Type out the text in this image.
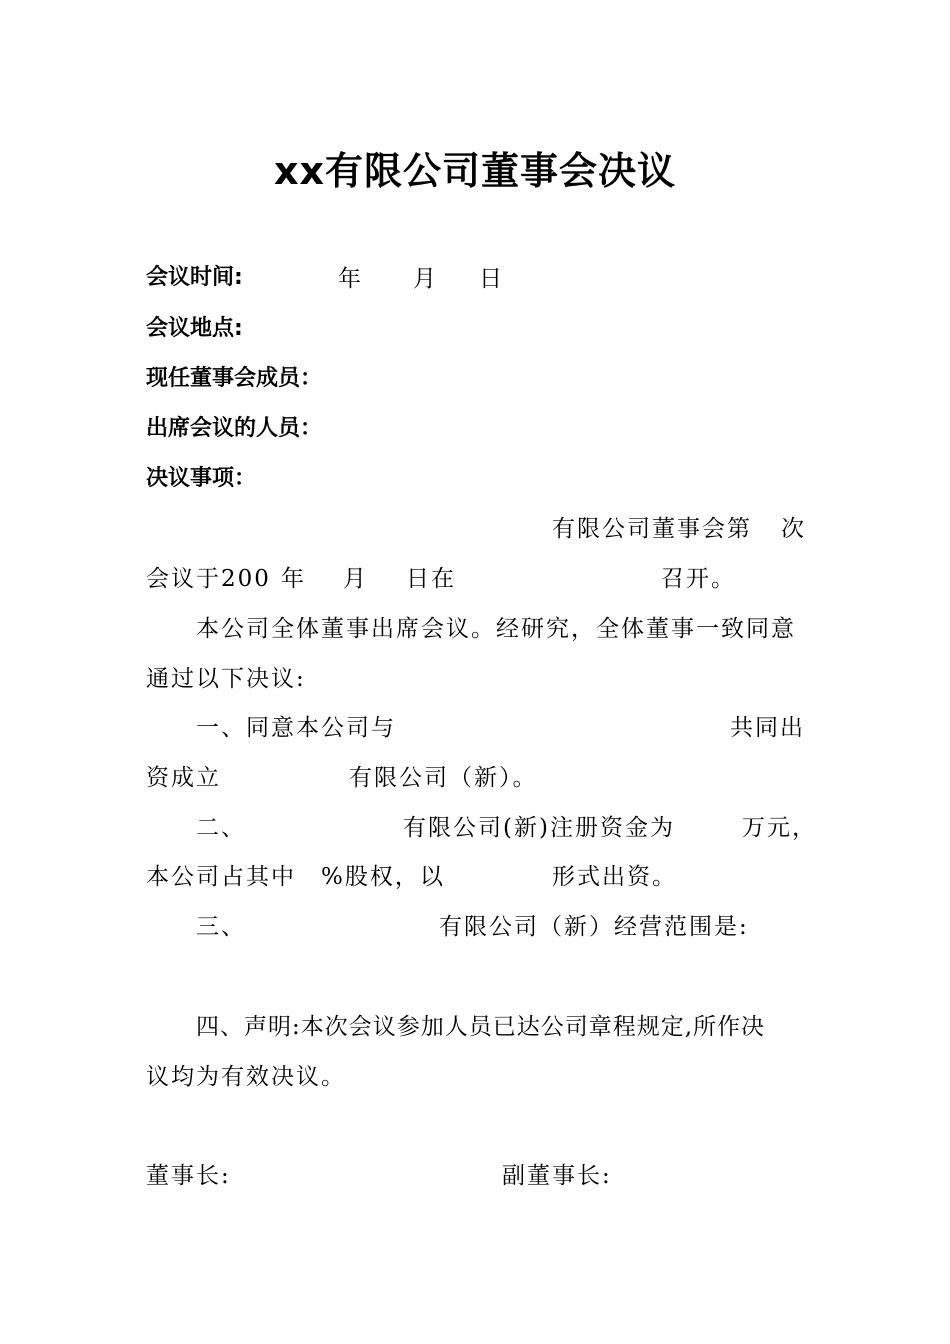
xx有限公司董事会决议
会议时间:	年 月 日
会议地点:
现任董事会成员：
出席会议的人员：
决议事项：
有限公司董事会第 次
会议于200 年 月 日在	召开。
本公司全体董事出席会议。经研究，全体董事一致同意
通过以下决议:
一、同意本公司与	共同出
资成立	有限公司（新）。
二、	有限公司(新)注册资金为	万元，
本公司占其中 %股权，以	形式出资。
三、	有限公司（新）经营范围是:
四、声明:本次会议参加人员已达公司章程规定,所作决
议均为有效决议。
董事长:	副董事长:
